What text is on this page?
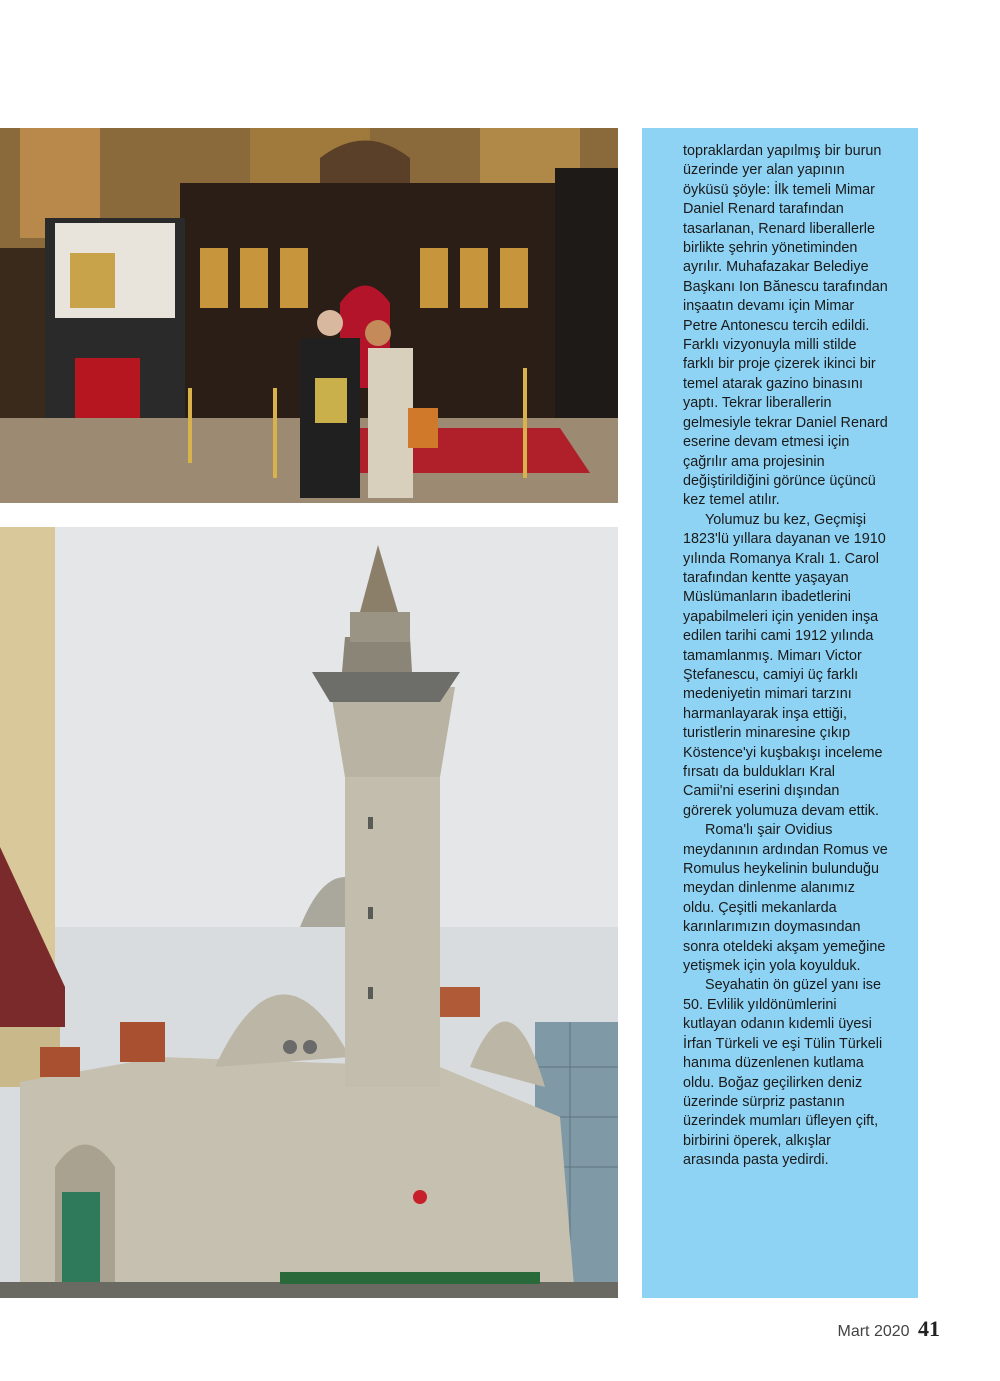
topraklardan yapılmış bir burun üzerinde yer alan yapının öyküsü şöyle: İlk temeli Mimar Daniel Renard tarafından tasarlanan, Renard liberallerle birlikte şehrin yönetiminden ayrılır. Muhafazakar Belediye Başkanı Ion Bănescu tarafından inşaatın devamı için Mimar Petre Antonescu tercih edildi. Farklı vizyonuyla milli stilde farklı bir proje çizerek ikinci bir temel atarak gazino binasını yaptı. Tekrar liberallerin gelmesiyle tekrar Daniel Renard eserine devam etmesi için çağrılır ama projesinin değiştirildiğini görünce üçüncü kez temel atılır.

Yolumuz bu kez, Geçmişi 1823'lü yıllara dayanan ve 1910 yılında Romanya Kralı 1. Carol tarafından kentte yaşayan Müslümanların ibadetlerini yapabilmeleri için yeniden inşa edilen tarihi cami 1912 yılında tamamlanmış. Mimarı Victor Ştefanescu, camiyi üç farklı medeniyetin mimari tarzını harmanlayarak inşa ettiği, turistlerin minaresine çıkıp Köstence'yi kuşbakışı inceleme fırsatı da buldukları Kral Camii'ni eserini dışından görerek yolumuza devam ettik.

Roma'lı şair Ovidius meydanının ardından Romus ve Romulus heykelinin bulunduğu meydan dinlenme alanımız oldu. Çeşitli mekanlarda karınlarımızın doymasından sonra oteldeki akşam yemeğine yetişmek için yola koyulduk.

Seyahatin ön güzel yanı ise 50. Evlilik yıldönümlerini kutlayan odanın kıdemli üyesi İrfan Türkeli ve eşi Tülin Türkeli hanıma düzenlenen kutlama oldu. Boğaz geçilirken deniz üzerinde sürpriz pastanın üzerindek mumları üfleyen çift, birbirini öperek, alkışlar arasında pasta yedirdi.

Mart 2020 41
